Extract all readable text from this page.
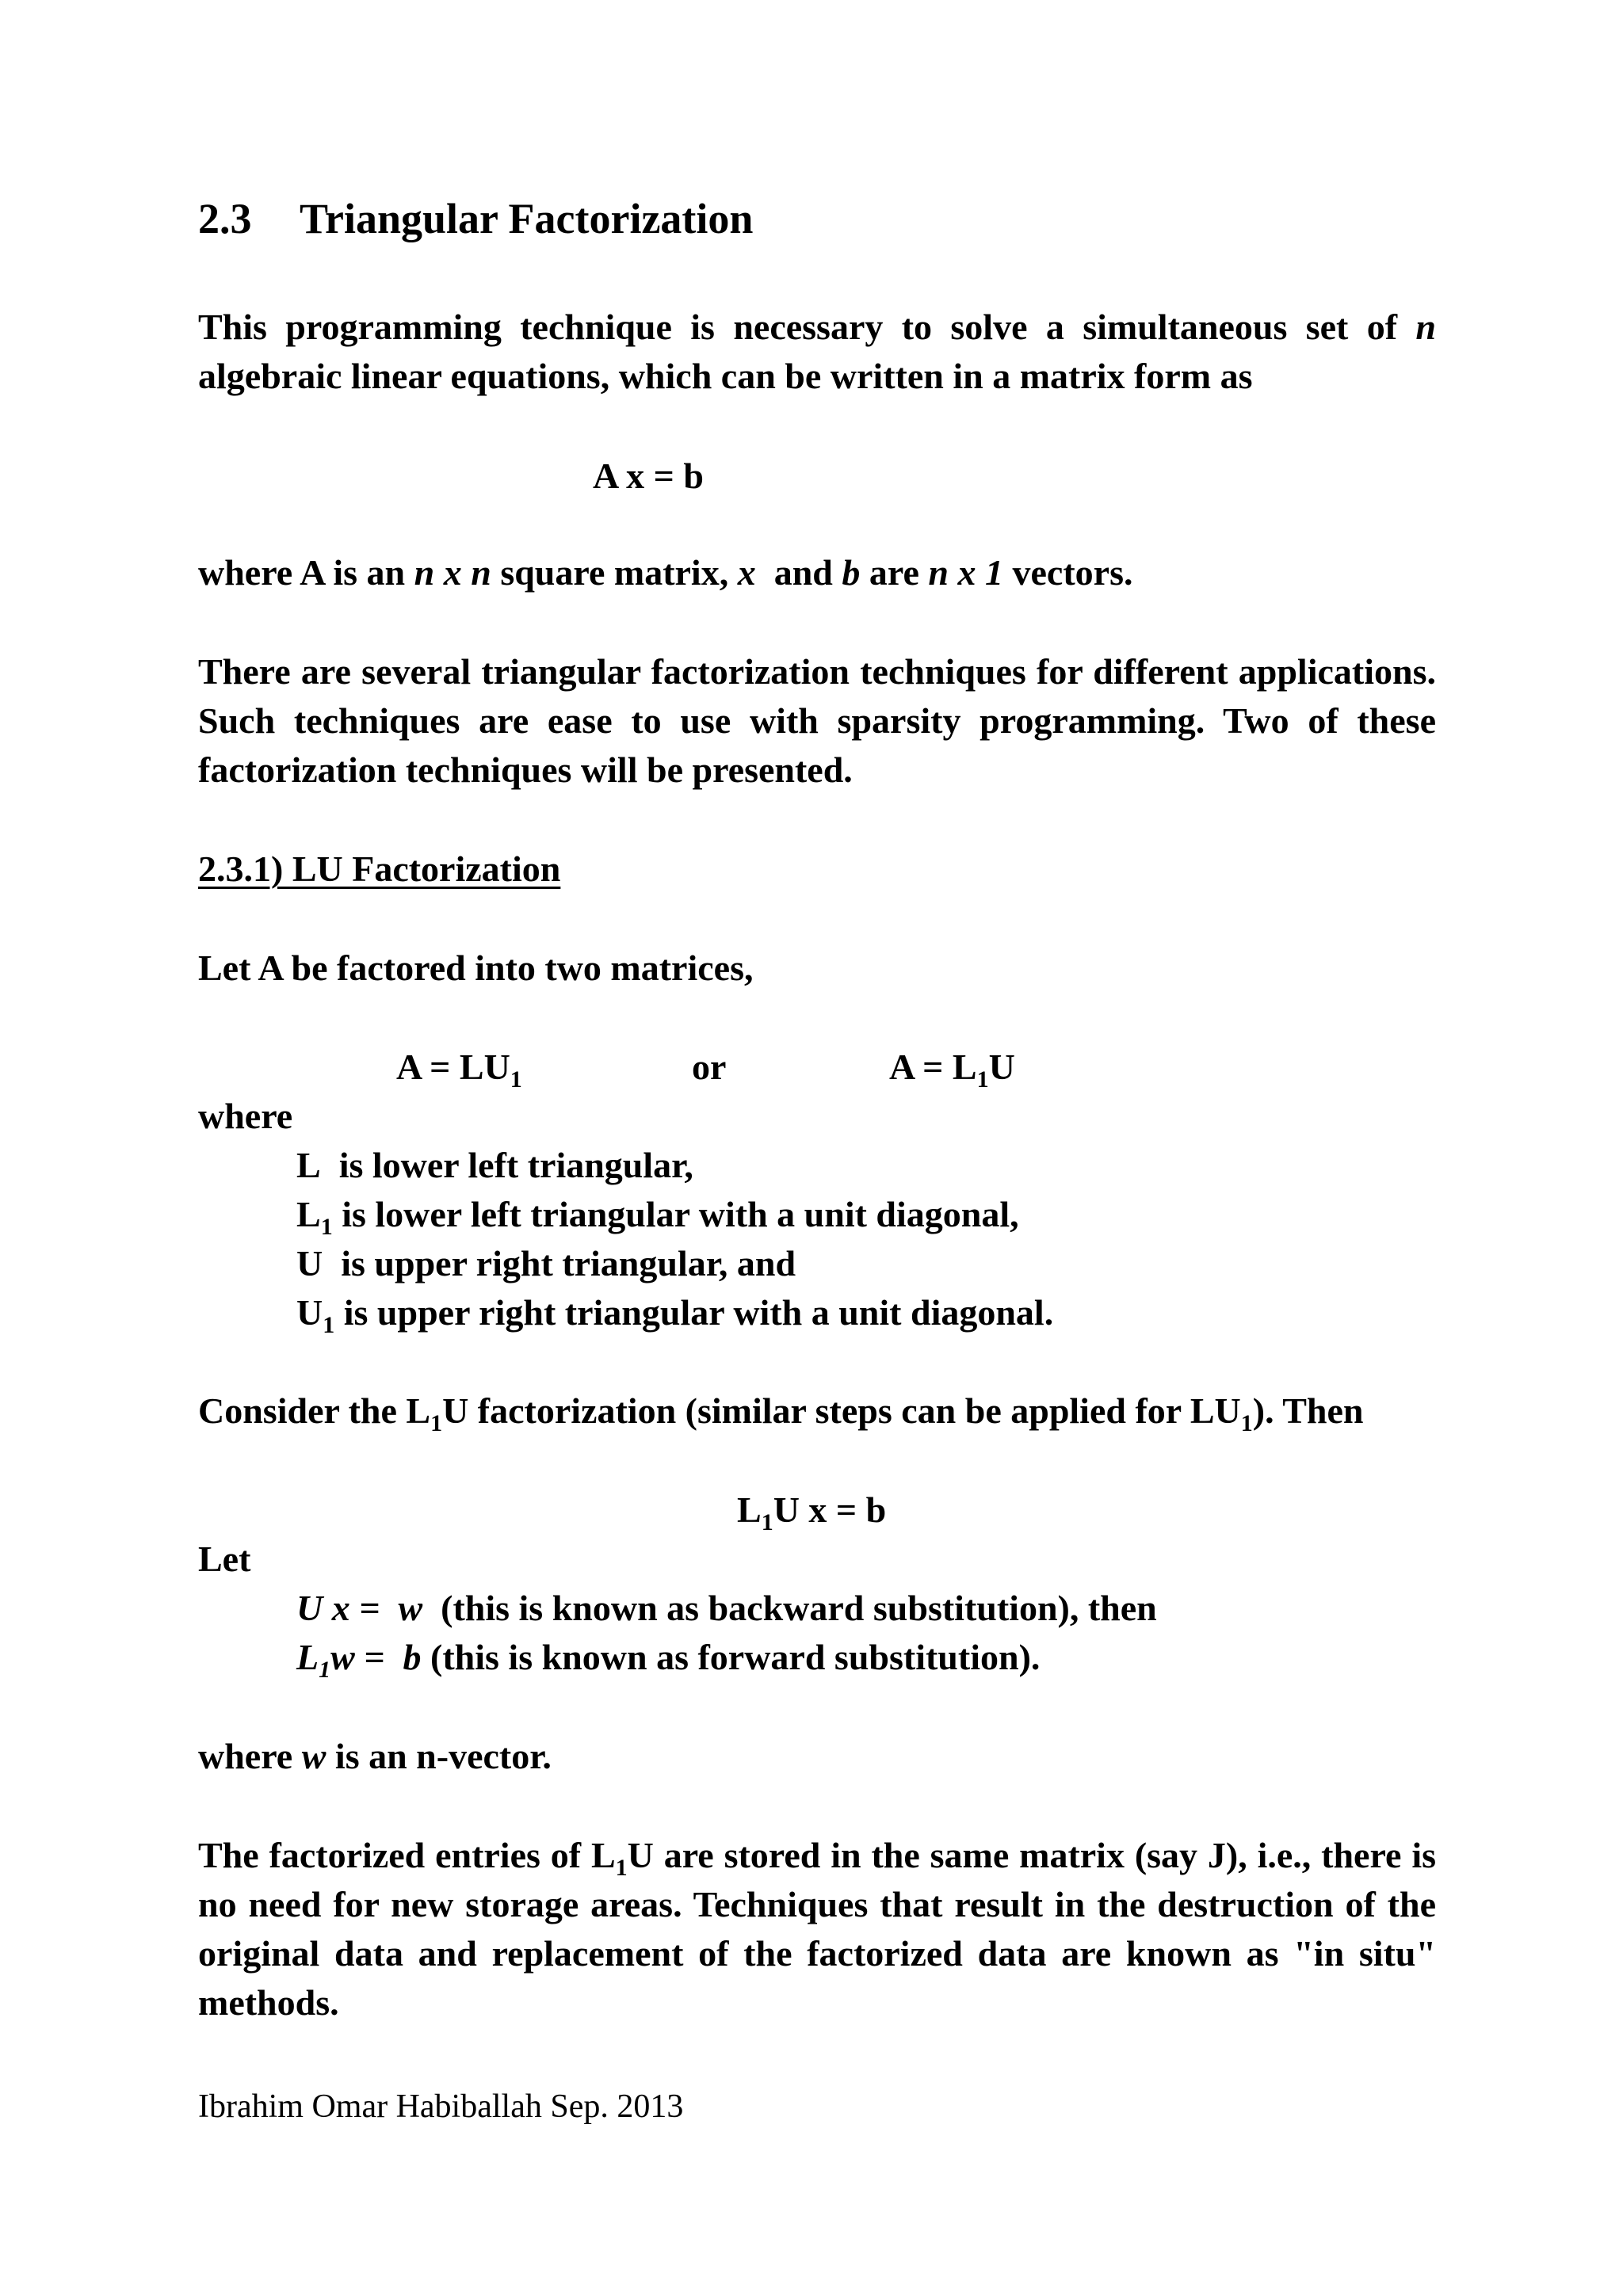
2.3 Triangular Factorization

This programming technique is necessary to solve a simultaneous set of n algebraic linear equations, which can be written in a matrix form as

A x = b
where A is an n x n square matrix, x and b are n x 1 vectors.

There are several triangular factorization techniques for different applications. Such techniques are ease to use with sparsity programming. Two of these factorization techniques will be presented.

2.3.1) LU Factorization
Let A be factored into two matrices,
$A = LU_1$	or	$A = L_1U$
where
L is lower left triangular,
$L_1$ is lower left triangular with a unit diagonal,
U is upper right triangular, and
$U_1$ is upper right triangular with a unit diagonal.
Consider the $L_1U$ factorization (similar steps can be applied for $LU_1$). Then
$L_1U$ x = b
Let
U x = w (this is known as backward substitution), then
$L_1w = b$ (this is known as forward substitution).
where w is an n-vector.

The factorized entries of $L_1U$ are stored in the same matrix (say J), i.e., there is no need for new storage areas. Techniques that result in the destruction of the original data and replacement of the factorized data are known as "in situ" methods.

Ibrahim Omar Habiballah Sep. 2013
